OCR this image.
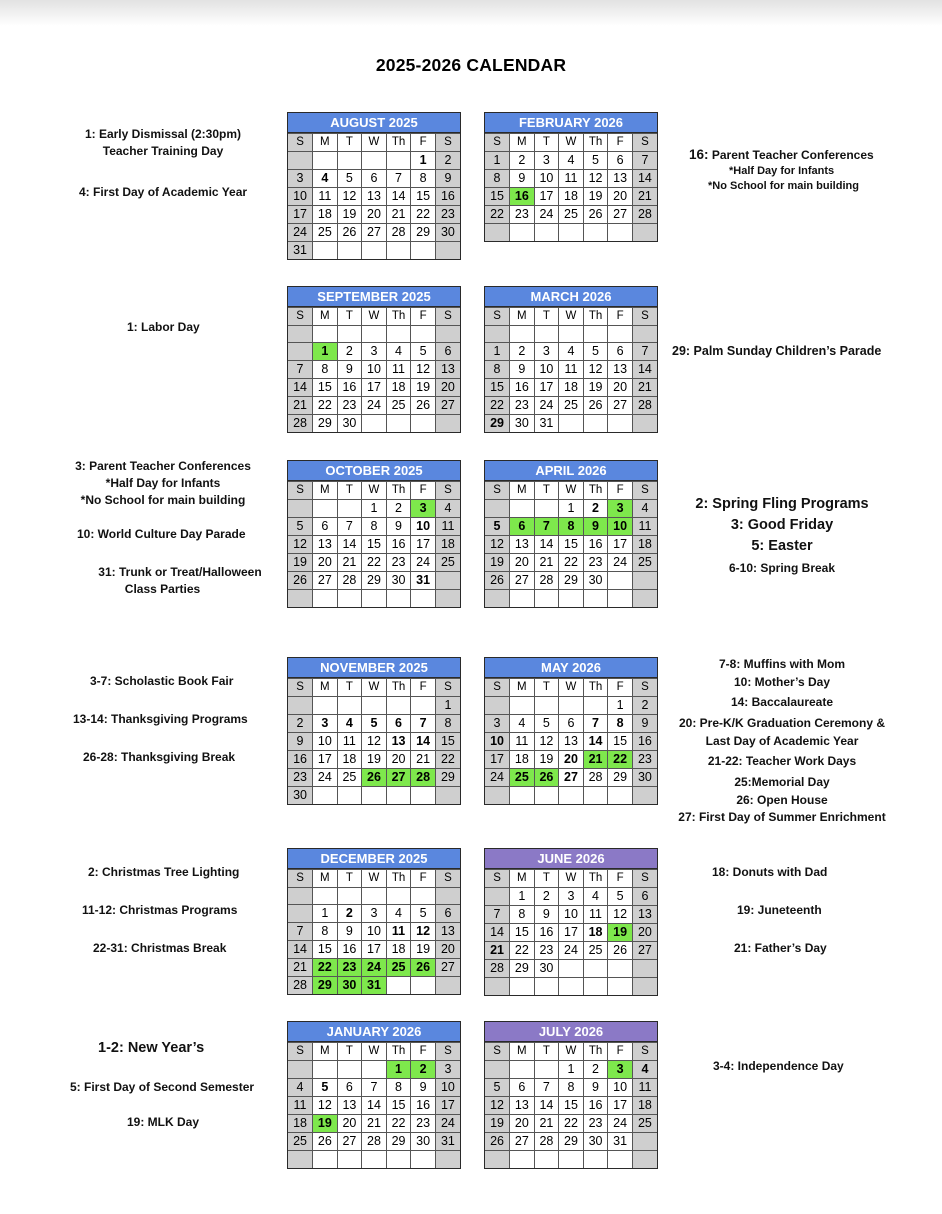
2025-2026 CALENDAR
AUGUST 2025
S	M	T	W	Th	F	S
					1	2
3	4	5	6	7	8	9
10	11	12	13	14	15	16
17	18	19	20	21	22	23
24	25	26	27	28	29	30
31						
FEBRUARY 2026
S	M	T	W	Th	F	S
1	2	3	4	5	6	7
8	9	10	11	12	13	14
15	16	17	18	19	20	21
22	23	24	25	26	27	28

SEPTEMBER 2025
S	M	T	W	Th	F	S

	1	2	3	4	5	6
7	8	9	10	11	12	13
14	15	16	17	18	19	20
21	22	23	24	25	26	27
28	29	30				
MARCH 2026
S	M	T	W	Th	F	S

1	2	3	4	5	6	7
8	9	10	11	12	13	14
15	16	17	18	19	20	21
22	23	24	25	26	27	28
29	30	31				
OCTOBER 2025
S	M	T	W	Th	F	S
			1	2	3	4
5	6	7	8	9	10	11
12	13	14	15	16	17	18
19	20	21	22	23	24	25
26	27	28	29	30	31	

APRIL 2026
S	M	T	W	Th	F	S
			1	2	3	4
5	6	7	8	9	10	11
12	13	14	15	16	17	18
19	20	21	22	23	24	25
26	27	28	29	30		

NOVEMBER 2025
S	M	T	W	Th	F	S
						1
2	3	4	5	6	7	8
9	10	11	12	13	14	15
16	17	18	19	20	21	22
23	24	25	26	27	28	29
30						
MAY 2026
S	M	T	W	Th	F	S
					1	2
3	4	5	6	7	8	9
10	11	12	13	14	15	16
17	18	19	20	21	22	23
24	25	26	27	28	29	30

DECEMBER 2025
S	M	T	W	Th	F	S

	1	2	3	4	5	6
7	8	9	10	11	12	13
14	15	16	17	18	19	20
21	22	23	24	25	26	27
28	29	30	31			
JUNE 2026
S	M	T	W	Th	F	S
	1	2	3	4	5	6
7	8	9	10	11	12	13
14	15	16	17	18	19	20
21	22	23	24	25	26	27
28	29	30				

JANUARY 2026
S	M	T	W	Th	F	S
				1	2	3
4	5	6	7	8	9	10
11	12	13	14	15	16	17
18	19	20	21	22	23	24
25	26	27	28	29	30	31

JULY 2026
S	M	T	W	Th	F	S
			1	2	3	4
5	6	7	8	9	10	11
12	13	14	15	16	17	18
19	20	21	22	23	24	25
26	27	28	29	30	31	

1: Early Dismissal (2:30pm)
Teacher Training Day
4: First Day of Academic Year
1: Labor Day
3: Parent Teacher Conferences
*Half Day for Infants
*No School for main building
10: World Culture Day Parade
31: Trunk or Treat/Halloween
Class Parties
3-7: Scholastic Book Fair
13-14: Thanksgiving Programs
26-28: Thanksgiving Break
2: Christmas Tree Lighting
11-12: Christmas Programs
22-31: Christmas Break
1-2: New Year’s
5: First Day of Second Semester
19: MLK Day
16: Parent Teacher Conferences
*Half Day for Infants
*No School for main building
29: Palm Sunday Children’s Parade
2: Spring Fling Programs
3: Good Friday
5: Easter
6-10: Spring Break
7-8: Muffins with Mom
10: Mother’s Day
14: Baccalaureate
20: Pre-K/K Graduation Ceremony &
Last Day of Academic Year
21-22: Teacher Work Days
25:Memorial Day
26: Open House
27: First Day of Summer Enrichment
18: Donuts with Dad
19: Juneteenth
21: Father’s Day
3-4: Independence Day
